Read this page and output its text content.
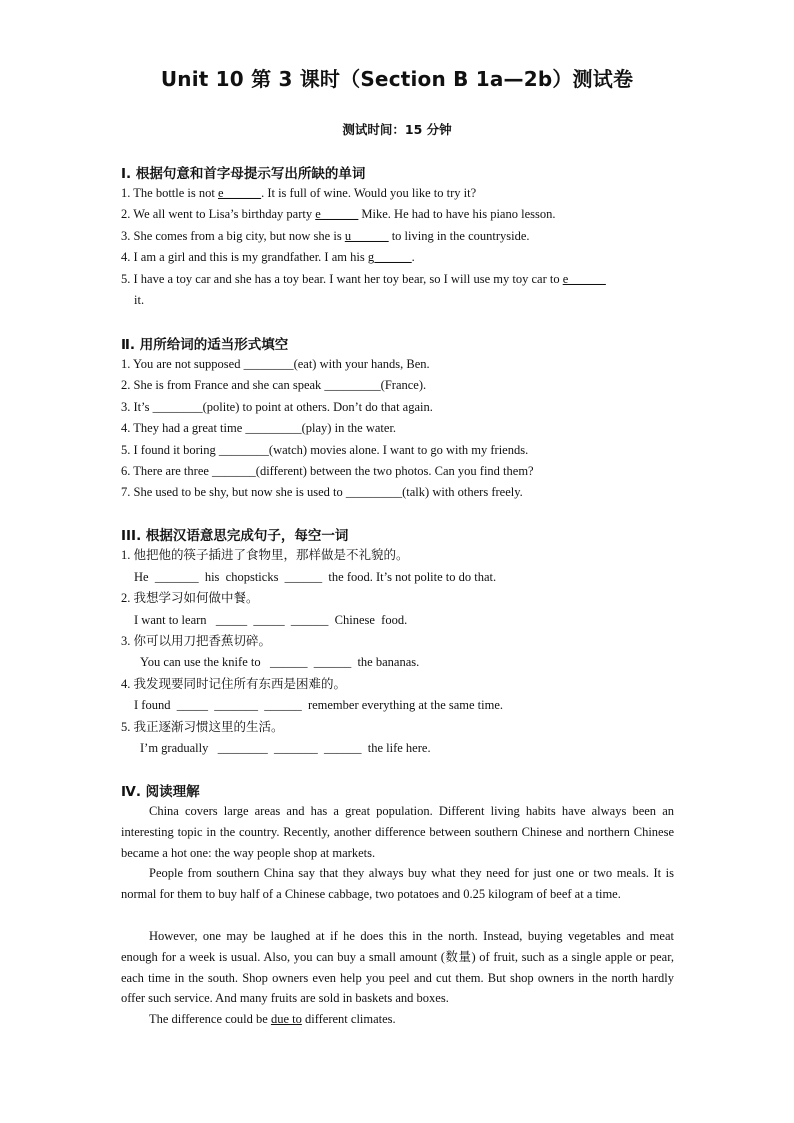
Unit 10 第 3 课时（Section B 1a—2b）测试卷
测试时间：15 分钟
Ⅰ. 根据句意和首字母提示写出所缺的单词
1. The bottle is not e______. It is full of wine. Would you like to try it?
2. We all went to Lisa’s birthday party e______ Mike. He had to have his piano lesson.
3. She comes from a big city, but now she is u______ to living in the countryside.
4. I am a girl and this is my grandfather. I am his g______.
5. I have a toy car and she has a toy bear. I want her toy bear, so I will use my toy car to e______
it.
Ⅱ. 用所给词的适当形式填空
1. You are not supposed ________(eat) with your hands, Ben.
2. She is from France and she can speak _________(France).
3. It’s ________(polite) to point at others. Don’t do that again.
4. They had a great time _________(play) in the water.
5. I found it boring ________(watch) movies alone. I want to go with my friends.
6. There are three _______(different) between the two photos. Can you find them?
7. She used to be shy, but now she is used to _________(talk) with others freely.
III. 根据汉语意思完成句子，每空一词
1. 他把他的筷子插进了食物里，那样做是不礼貌的。
He  _______  his  chopsticks  ______  the food. It’s not polite to do that.
2. 我想学习如何做中餐。
I want to learn   _____  _____  ______  Chinese  food.
3. 你可以用刀把香蕉切碎。
You can use the knife to   ______  ______  the bananas.
4. 我发现要同时记住所有东西是困难的。
I found  _____  _______  ______  remember everything at the same time.
5. 我正逐渐习惯这里的生活。
I’m gradually   ________  _______  ______  the life here.
Ⅳ. 阅读理解
China covers large areas and has a great population. Different living habits have always been an interesting topic in the country. Recently, another difference between southern Chinese and northern Chinese became a hot one: the way people shop at markets.
People from southern China say that they always buy what they need for just one or two meals. It is normal for them to buy half of a Chinese cabbage, two potatoes and 0.25 kilogram of beef at a time.
However, one may be laughed at if he does this in the north. Instead, buying vegetables and meat enough for a week is usual. Also, you can buy a small amount (数量) of fruit, such as a single apple or pear, each time in the south. Shop owners even help you peel and cut them. But shop owners in the north hardly offer such service. And many fruits are sold in baskets and boxes.
The difference could be due to different climates.
